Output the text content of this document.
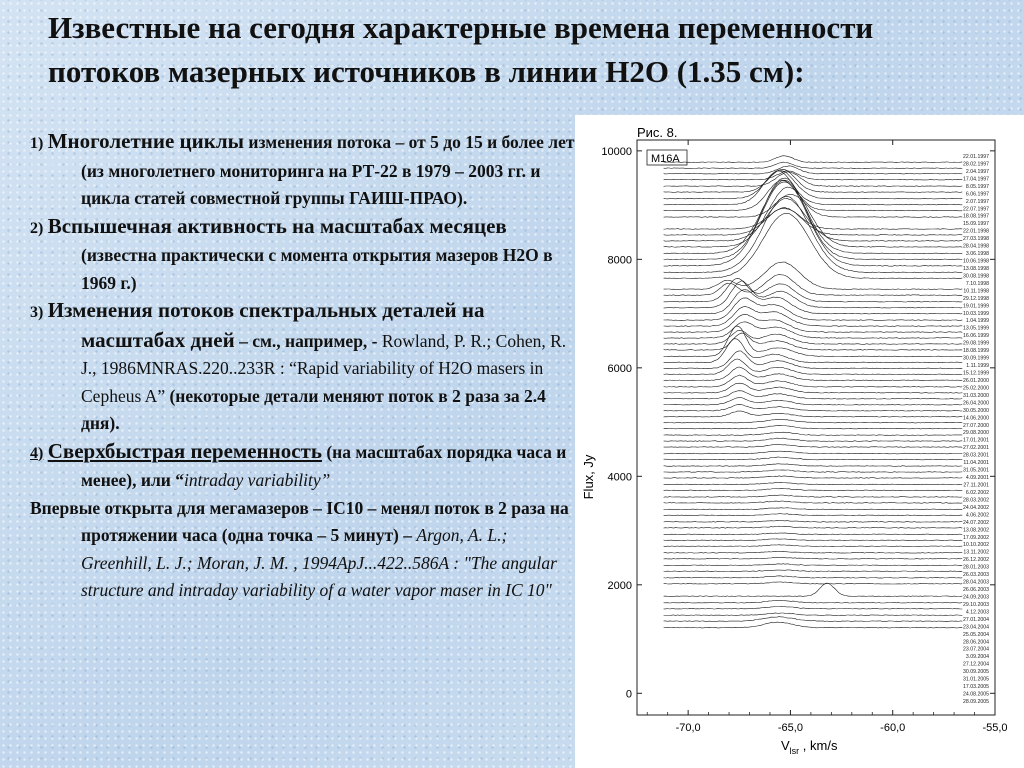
Известные на сегодня характерные времена переменности потоков мазерных источников в линии H2O (1.35 см):

1) Многолетние циклы изменения потока – от 5 до 15 и более лет (из многолетнего мониторинга на РТ-22 в 1979 – 2003 гг. и цикла статей совместной группы ГАИШ-ПРАО).

2) Вспышечная активность на масштабах месяцев (известна практически с момента открытия мазеров H2O в 1969 г.)

3) Изменения потоков спектральных деталей на масштабах дней – см., например, - Rowland, P. R.; Cohen, R. J., 1986MNRAS.220..233R : “Rapid variability of H2O masers in Cepheus A” (некоторые детали меняют поток в 2 раза за 2.4 дня).

4) Сверхбыстрая переменность (на масштабах порядка часа и менее), или “intraday variability”

Впервые открыта для мегамазеров – IC10 – менял поток в 2 раза на протяжении часа (одна точка – 5 минут) – Argon, A. L.; Greenhill, L. J.; Moran, J. M. , 1994ApJ...422..586A : "The angular structure and intraday variability of a water vapor maser in IC 10"

Рис. 8.
M16A
Flux, Jy
$V_{lsr}$ , km/s
22.01.1997
28.02.1997
2.04.1997
17.04.1997
8.05.1997
6.06.1997
2.07.1997
22.07.1997
18.08.1997
15.09.1997
22.01.1998
27.03.1998
28.04.1998
3.06.1998
10.06.1998
13.08.1998
30.08.1998
7.10.1998
10.11.1998
29.12.1998
19.01.1999
10.03.1999
1.04.1999
13.05.1999
16.06.1999
29.08.1999
18.08.1999
30.09.1999
1.11.1999
15.12.1999
26.01.2000
25.02.2000
31.03.2000
26.04.2000
30.05.2000
14.06.2000
27.07.2000
29.08.2000
17.01.2001
27.02.2001
28.03.2001
11.04.2001
31.05.2001
4.09.2001
27.11.2001
6.02.2002
28.03.2002
24.04.2002
4.06.2002
24.07.2002
13.08.2002
17.09.2002
10.10.2002
13.11.2002
26.12.2002
28.01.2003
26.03.2003
28.04.2003
26.06.2003
24.09.2003
29.10.2003
4.12.2003
27.01.2004
23.04.2004
25.05.2004
28.06.2004
23.07.2004
3.09.2004
27.12.2004
30.09.2005
31.01.2005
17.03.2005
24.08.2005
28.09.2005
0
2000
4000
6000
8000
10000
-70,0	-65,0	-60,0	-55,0
